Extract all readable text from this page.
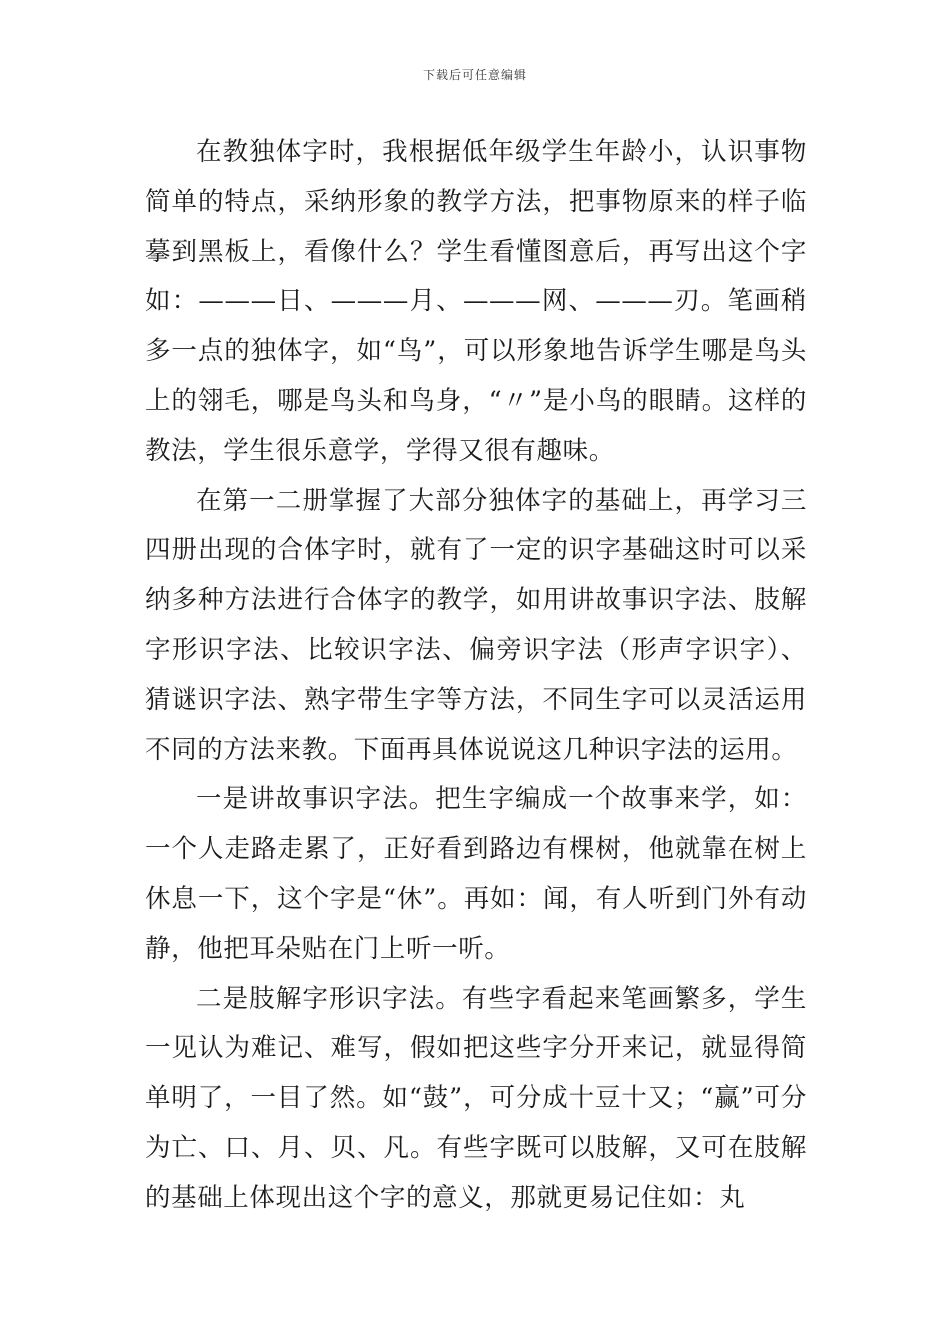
下载后可任意编辑

在教独体字时，我根据低年级学生年龄小，认识事物简单的特点，采纳形象的教学方法，把事物原来的样子临摹到黑板上，看像什么？学生看懂图意后，再写出这个字如：———日、———月、———网、———刃。笔画稍多一点的独体字，如“鸟”，可以形象地告诉学生哪是鸟头上的翎毛，哪是鸟头和鸟身，“〃”是小鸟的眼睛。这样的教法，学生很乐意学，学得又很有趣味。

在第一二册掌握了大部分独体字的基础上，再学习三四册出现的合体字时，就有了一定的识字基础这时可以采纳多种方法进行合体字的教学，如用讲故事识字法、肢解字形识字法、比较识字法、偏旁识字法（形声字识字）、猜谜识字法、熟字带生字等方法，不同生字可以灵活运用不同的方法来教。下面再具体说说这几种识字法的运用。

一是讲故事识字法。把生字编成一个故事来学，如：一个人走路走累了，正好看到路边有棵树，他就靠在树上休息一下，这个字是“休”。再如：闻，有人听到门外有动静，他把耳朵贴在门上听一听。

二是肢解字形识字法。有些字看起来笔画繁多，学生一见认为难记、难写，假如把这些字分开来记，就显得简单明了，一目了然。如“鼓”，可分成十豆十又；“赢”可分为亡、口、月、贝、凡。有些字既可以肢解，又可在肢解的基础上体现出这个字的意义，那就更易记住如：丸
